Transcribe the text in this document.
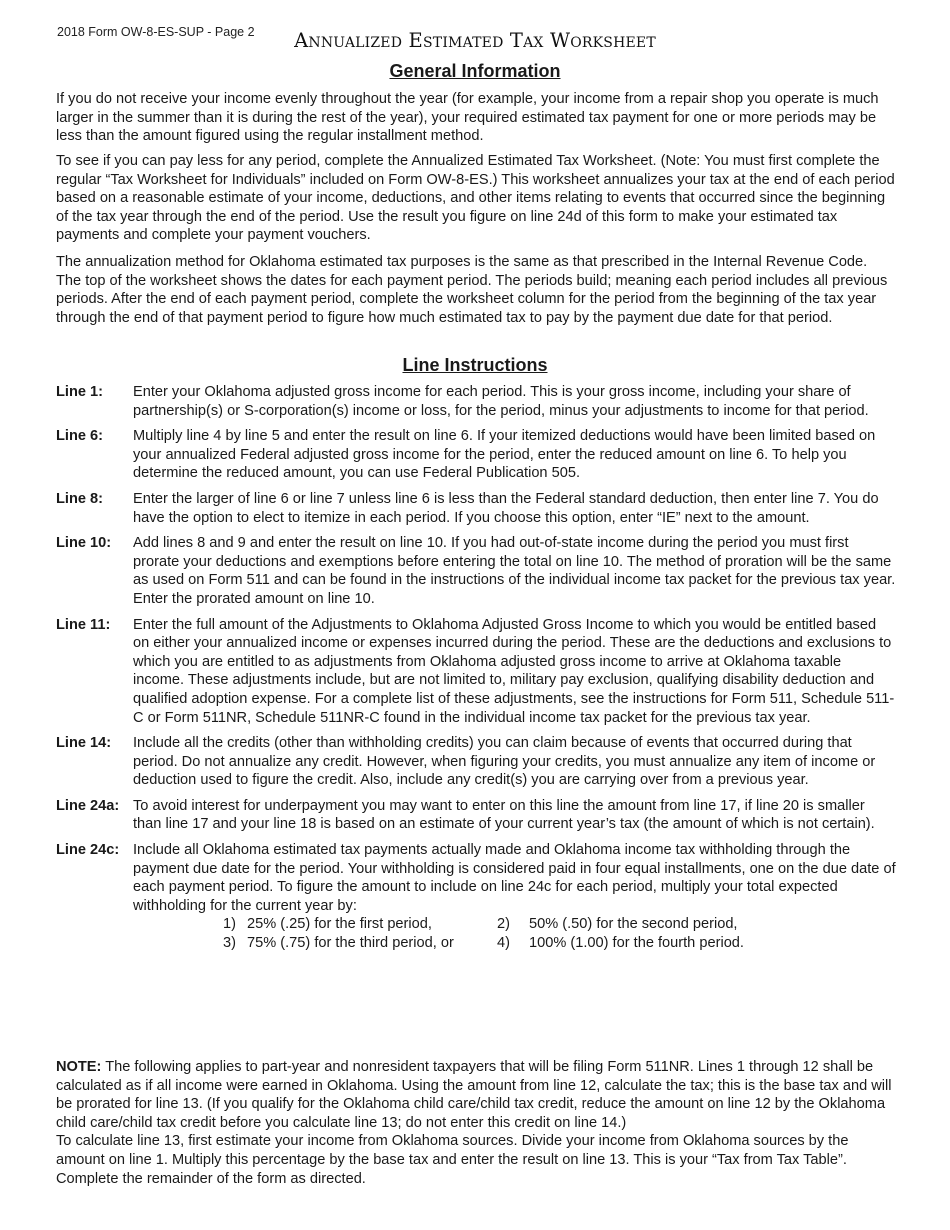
2018 Form OW-8-ES-SUP - Page 2	Annualized Estimated Tax Worksheet
General Information

If you do not receive your income evenly throughout the year (for example, your income from a repair shop you operate is much larger in the summer than it is during the rest of the year), your required estimated tax payment for one or more periods may be less than the amount figured using the regular installment method.

To see if you can pay less for any period, complete the Annualized Estimated Tax Worksheet. (Note: You must first complete the regular “Tax Worksheet for Individuals” included on Form OW-8-ES.) This worksheet annualizes your tax at the end of each period based on a reasonable estimate of your income, deductions, and other items relating to events that occurred since the beginning of the tax year through the end of the period. Use the result you figure on line 24d of this form to make your estimated tax payments and complete your payment vouchers.

The annualization method for Oklahoma estimated tax purposes is the same as that prescribed in the Internal Revenue Code. The top of the worksheet shows the dates for each payment period. The periods build; meaning each period includes all previous periods. After the end of each payment period, complete the worksheet column for the period from the beginning of the tax year through the end of that payment period to figure how much estimated tax to pay by the payment due date for that period.

Line Instructions
Line 1:	Enter your Oklahoma adjusted gross income for each period. This is your gross income, including your share of partnership(s) or S-corporation(s) income or loss, for the period, minus your adjustments to income for that period.
Line 6:	Multiply line 4 by line 5 and enter the result on line 6. If your itemized deductions would have been limited based on your annualized Federal adjusted gross income for the period, enter the reduced amount on line 6. To help you determine the reduced amount, you can use Federal Publication 505.
Line 8:	Enter the larger of line 6 or line 7 unless line 6 is less than the Federal standard deduction, then enter line 7. You do have the option to elect to itemize in each period. If you choose this option, enter “IE” next to the amount.
Line 10:	Add lines 8 and 9 and enter the result on line 10. If you had out-of-state income during the period you must first prorate your deductions and exemptions before entering the total on line 10. The method of proration will be the same as used on Form 511 and can be found in the instructions of the individual income tax packet for the previous tax year. Enter the prorated amount on line 10.
Line 11:	Enter the full amount of the Adjustments to Oklahoma Adjusted Gross Income to which you would be entitled based on either your annualized income or expenses incurred during the period. These are the deductions and exclusions to which you are entitled to as adjustments from Oklahoma adjusted gross income to arrive at Oklahoma taxable income. These adjustments include, but are not limited to, military pay exclusion, qualifying disability deduction and qualified adoption expense. For a complete list of these adjustments, see the instructions for Form 511, Schedule 511-C or Form 511NR, Schedule 511NR-C found in the individual income tax packet for the previous tax year.
Line 14:	Include all the credits (other than withholding credits) you can claim because of events that occurred during that period. Do not annualize any credit. However, when figuring your credits, you must annualize any item of income or deduction used to figure the credit. Also, include any credit(s) you are carrying over from a previous year.
Line 24a: To avoid interest for underpayment you may want to enter on this line the amount from line 17, if line 20 is smaller than line 17 and your line 18 is based on an estimate of your current year’s tax (the amount of which is not certain).
Line 24c: Include all Oklahoma estimated tax payments actually made and Oklahoma income tax withholding through the payment due date for the period. Your withholding is considered paid in four equal installments, one on the due date of each payment period. To figure the amount to include on line 24c for each period, multiply your total expected withholding for the current year by:
1) 25% (.25) for the first period,	2)	50% (.50) for the second period,
3) 75% (.75) for the third period, or	4)	100% (1.00) for the fourth period.

NOTE: The following applies to part-year and nonresident taxpayers that will be filing Form 511NR. Lines 1 through 12 shall be calculated as if all income were earned in Oklahoma. Using the amount from line 12, calculate the tax; this is the base tax and will be prorated for line 13. (If you qualify for the Oklahoma child care/child tax credit, reduce the amount on line 12 by the Oklahoma child care/child tax credit before you calculate line 13; do not enter this credit on line 14.)
To calculate line 13, first estimate your income from Oklahoma sources. Divide your income from Oklahoma sources by the amount on line 1. Multiply this percentage by the base tax and enter the result on line 13. This is your “Tax from Tax Table”. Complete the remainder of the form as directed.
